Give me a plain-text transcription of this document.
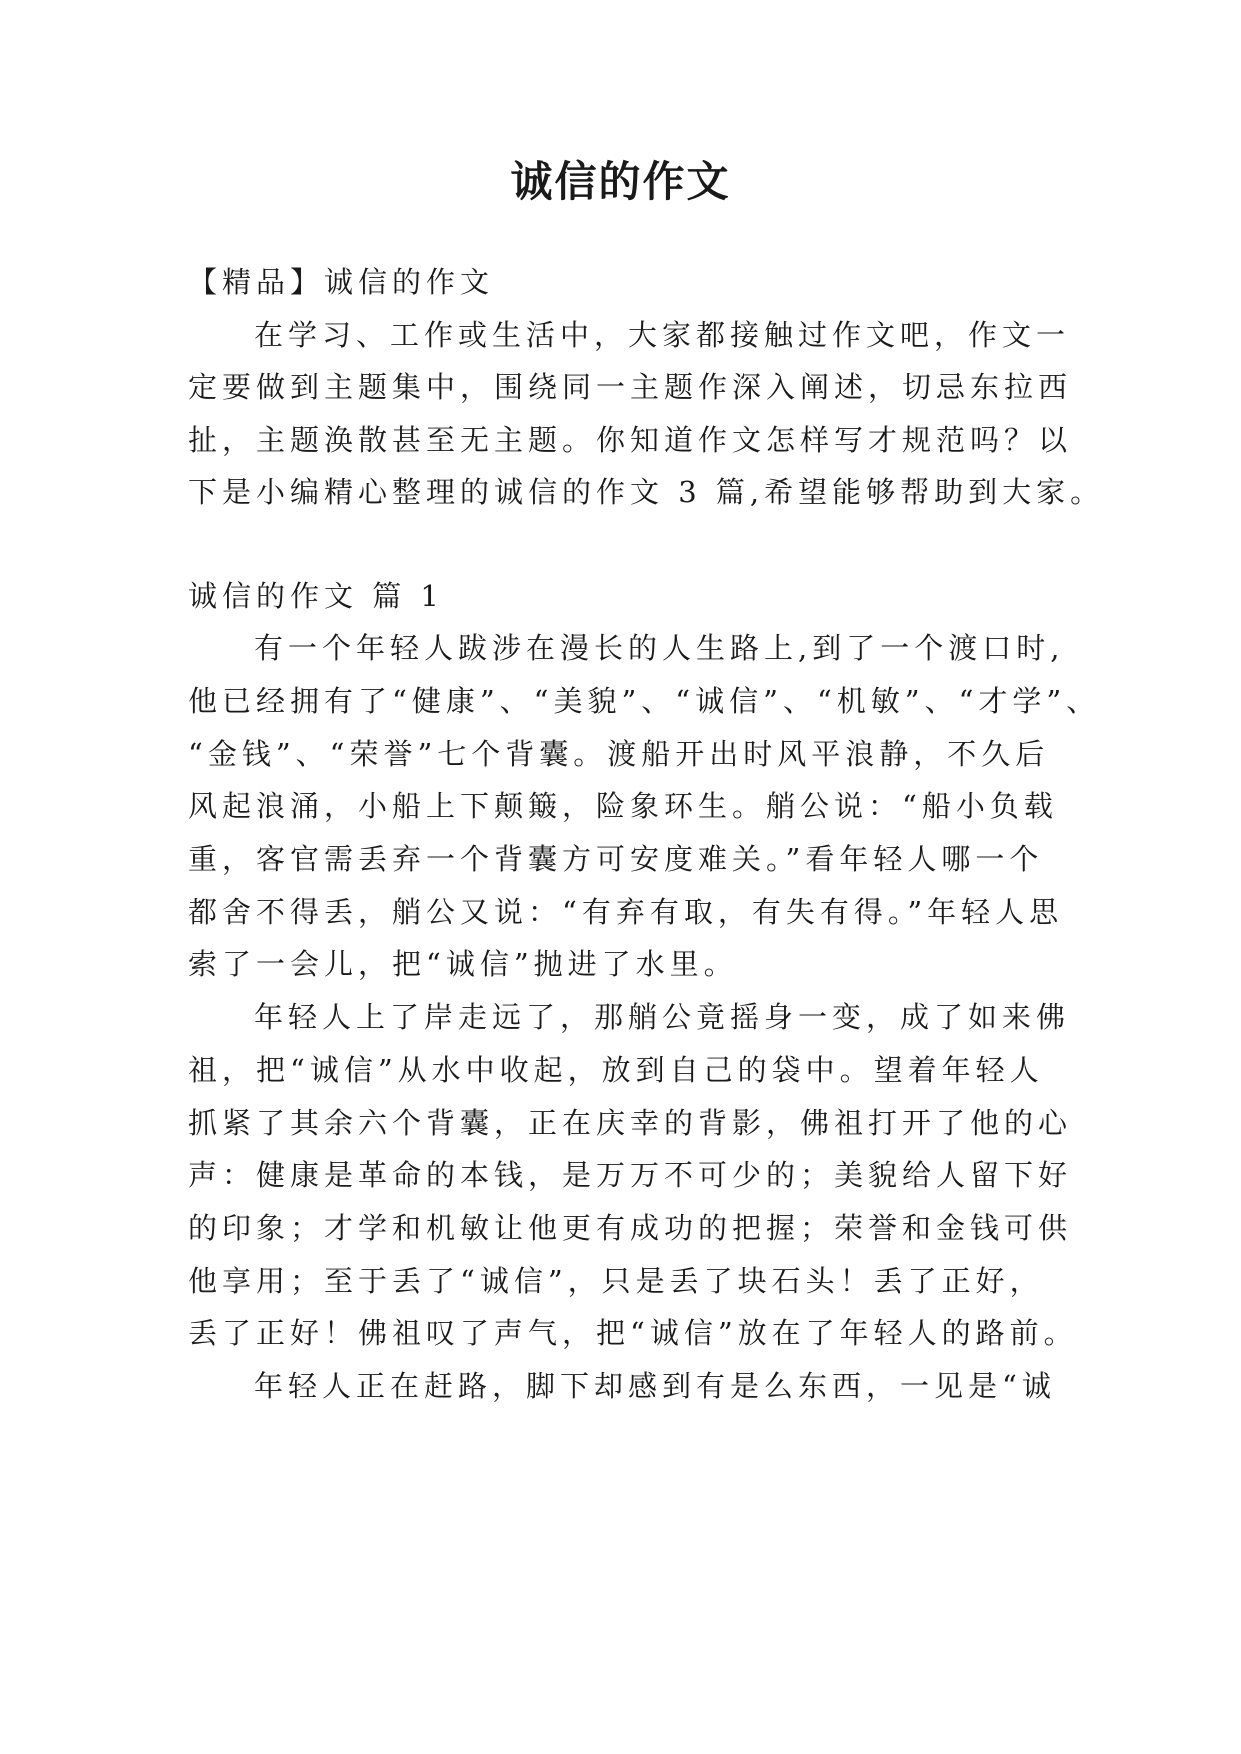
诚信的作文
【精品】诚信的作文
在学习、工作或生活中，大家都接触过作文吧，作文一
定要做到主题集中，围绕同一主题作深入阐述，切忌东拉西
扯，主题涣散甚至无主题。你知道作文怎样写才规范吗？以
下是小编精心整理的诚信的作文 3 篇,希望能够帮助到大家。
诚信的作文 篇 1
有一个年轻人跋涉在漫长的人生路上,到了一个渡口时,
他已经拥有了“健康”、“美貌”、“诚信”、“机敏”、“才学”、
“金钱”、“荣誉”七个背囊。渡船开出时风平浪静，不久后
风起浪涌，小船上下颠簸，险象环生。艄公说：“船小负载
重，客官需丢弃一个背囊方可安度难关。”看年轻人哪一个
都舍不得丢，艄公又说：“有弃有取，有失有得。”年轻人思
索了一会儿，把“诚信”抛进了水里。
年轻人上了岸走远了，那艄公竟摇身一变，成了如来佛
祖，把“诚信”从水中收起，放到自己的袋中。望着年轻人
抓紧了其余六个背囊，正在庆幸的背影，佛祖打开了他的心
声：健康是革命的本钱，是万万不可少的；美貌给人留下好
的印象；才学和机敏让他更有成功的把握；荣誉和金钱可供
他享用；至于丢了“诚信”，只是丢了块石头！丢了正好，
丢了正好！佛祖叹了声气，把“诚信”放在了年轻人的路前。
年轻人正在赶路，脚下却感到有是么东西，一见是“诚
